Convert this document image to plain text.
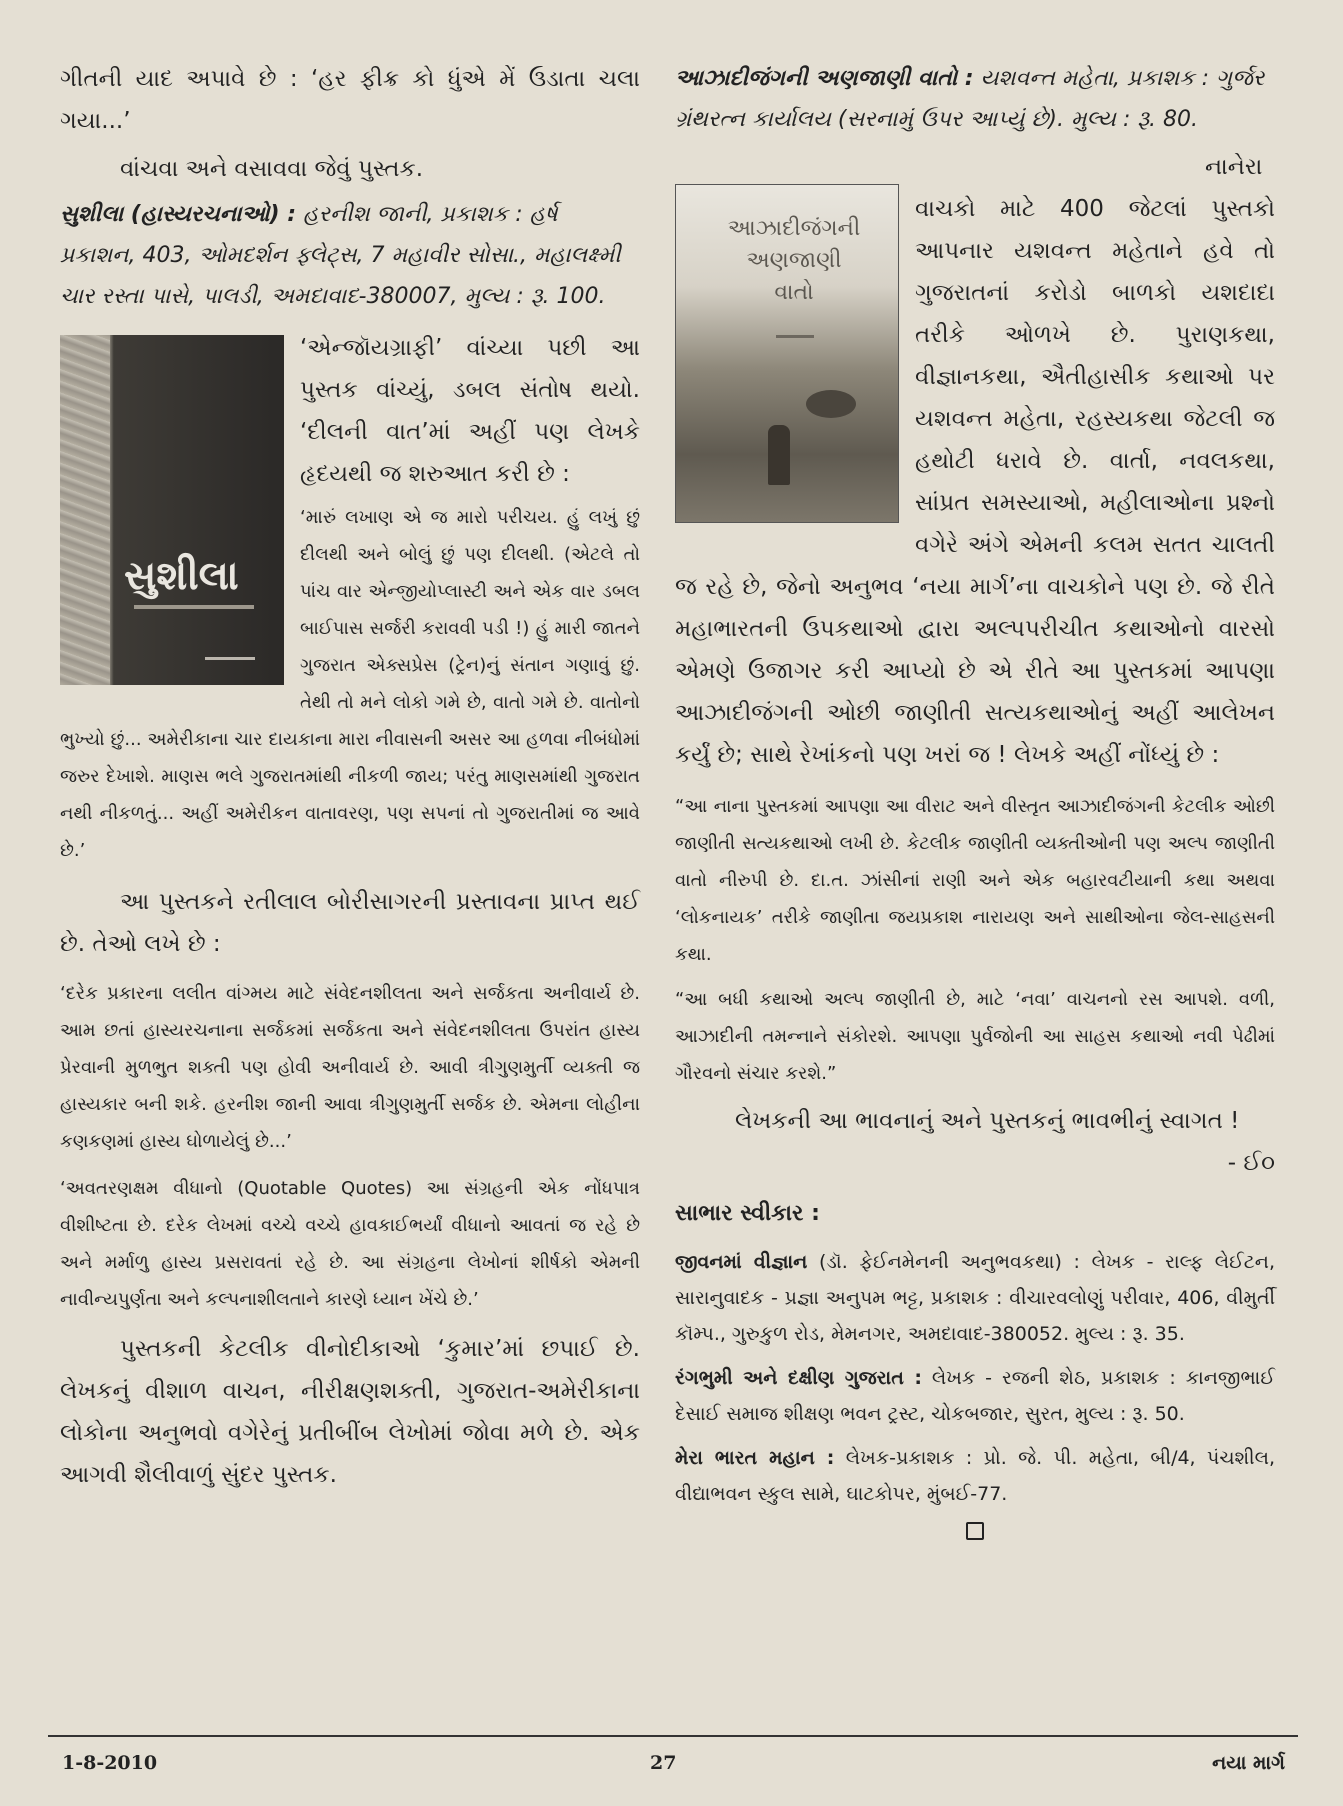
ગીતની યાદ અપાવે છે : ‘હર ફીક્ર કો ધુંએ મેં ઉડાતા ચલા ગયા...’

વાંચવા અને વસાવવા જેવું પુસ્તક.

સુશીલા (હાસ્યરચનાઓ) : હરનીશ જાની, પ્રકાશક : હર્ષ પ્રકાશન, 403, ઓમદર્શન ફ્લેટ્સ, 7 મહાવીર સોસા., મહાલક્ષ્મી ચાર રસ્તા પાસે, પાલડી, અમદાવાદ-380007, મુલ્ય : રૂ. 100.

સુશીલા

‘એન્જૉયગ્રાફી’ વાંચ્યા પછી આ પુસ્તક વાંચ્યું, ડબલ સંતોષ થયો. ‘દીલની વાત’માં અહીં પણ લેખકે હૃદયથી જ શરુઆત કરી છે :

‘મારું લખાણ એ જ મારો પરીચય. હું લખું છું દીલથી અને બોલું છું પણ દીલથી. (એટલે તો પાંચ વાર એન્જીયોપ્લાસ્ટી અને એક વાર ડબલ બાઈપાસ સર્જરી કરાવવી પડી !) હું મારી જાતને ગુજરાત એક્સપ્રેસ (ટ્રેન)નું સંતાન ગણાવું છું. તેથી તો મને લોકો ગમે છે, વાતો ગમે છે. વાતોનો ભુખ્યો છું... અમેરીકાના ચાર દાયકાના મારા નીવાસની અસર આ હળવા નીબંધોમાં જરુર દેખાશે. માણસ ભલે ગુજરાતમાંથી નીકળી જાય; પરંતુ માણસમાંથી ગુજરાત નથી નીકળતું... અહીં અમેરીકન વાતાવરણ, પણ સપનાં તો ગુજરાતીમાં જ આવે છે.’

આ પુસ્તકને રતીલાલ બોરીસાગરની પ્રસ્તાવના પ્રાપ્ત થઈ છે. તેઓ લખે છે :

‘દરેક પ્રકારના લલીત વાંગ્મય માટે સંવેદનશીલતા અને સર્જકતા અનીવાર્ય છે. આમ છતાં હાસ્યરચનાના સર્જકમાં સર્જકતા અને સંવેદનશીલતા ઉપરાંત હાસ્ય પ્રેરવાની મુળભુત શક્તી પણ હોવી અનીવાર્ય છે. આવી ત્રીગુણમુર્તી વ્યક્તી જ હાસ્યકાર બની શકે. હરનીશ જાની આવા ત્રીગુણમુર્તી સર્જક છે. એમના લોહીના કણકણમાં હાસ્ય ઘોળાયેલું છે...’

‘અવતરણક્ષમ વીધાનો (Quotable Quotes) આ સંગ્રહની એક નોંધપાત્ર વીશીષ્ટતા છે. દરેક લેખમાં વચ્ચે વચ્ચે હાવકાઈભર્યાં વીધાનો આવતાં જ રહે છે અને મર્માળુ હાસ્ય પ્રસરાવતાં રહે છે. આ સંગ્રહના લેખોનાં શીર્ષકો એમની નાવીન્યપુર્ણતા અને કલ્પનાશીલતાને કારણે ધ્યાન ખેંચે છે.’

પુસ્તકની કેટલીક વીનોદીકાઓ ‘કુમાર’માં છપાઈ છે. લેખકનું વીશાળ વાચન, નીરીક્ષણશક્તી, ગુજરાત-અમેરીકાના લોકોના અનુભવો વગેરેનું પ્રતીબીંબ લેખોમાં જોવા મળે છે. એક આગવી શૈલીવાળું સુંદર પુસ્તક.

આઝાદીજંગની અણજાણી વાતો : યશવન્ત મહેતા, પ્રકાશક : ગુર્જર ગ્રંથરત્ન કાર્યાલય (સરનામું ઉપર આપ્યું છે). મુલ્ય : રૂ. 80.

આઝાદીજંગની અણજાણી વાતો

નાનેરા વાચકો માટે 400 જેટલાં પુસ્તકો આપનાર યશવન્ત મહેતાને હવે તો ગુજરાતનાં કરોડો બાળકો યશદાદા તરીકે ઓળખે છે. પુરાણકથા, વીજ્ઞાનકથા, ઐતીહાસીક કથાઓ પર યશવન્ત મહેતા, રહસ્યકથા જેટલી જ હથોટી ધરાવે છે. વાર્તા, નવલકથા, સાંપ્રત સમસ્યાઓ, મહીલાઓના પ્રશ્નો વગેરે અંગે એમની કલમ સતત ચાલતી જ રહે છે, જેનો અનુભવ ‘નયા માર્ગ’ના વાચકોને પણ છે. જે રીતે મહાભારતની ઉપકથાઓ દ્વારા અલ્પપરીચીત કથાઓનો વારસો એમણે ઉજાગર કરી આપ્યો છે એ રીતે આ પુસ્તકમાં આપણા આઝાદીજંગની ઓછી જાણીતી સત્યકથાઓનું અહીં આલેખન કર્યું છે; સાથે રેખાંકનો પણ ખરાં જ ! લેખકે અહીં નોંધ્યું છે :

“આ નાના પુસ્તકમાં આપણા આ વીરાટ અને વીસ્તૃત આઝાદીજંગની કેટલીક ઓછી જાણીતી સત્યકથાઓ લખી છે. કેટલીક જાણીતી વ્યક્તીઓની પણ અલ્પ જાણીતી વાતો નીરુપી છે. દા.ત. ઝાંસીનાં રાણી અને એક બહારવટીયાની કથા અથવા ‘લોકનાયક’ તરીકે જાણીતા જયપ્રકાશ નારાયણ અને સાથીઓના જેલ-સાહસની કથા.

“આ બધી કથાઓ અલ્પ જાણીતી છે, માટે ‘નવા’ વાચનનો રસ આપશે. વળી, આઝાદીની તમન્નાને સંકોરશે. આપણા પુર્વજોની આ સાહસ કથાઓ નવી પેઢીમાં ગૌરવનો સંચાર કરશે.”

લેખકની આ ભાવનાનું અને પુસ્તકનું ભાવભીનું સ્વાગત !

- ઈ૦

સાભાર સ્વીકાર :

જીવનમાં વીજ્ઞાન (ડૉ. ફેઈનમેનની અનુભવકથા) : લેખક - રાલ્ફ લેઈટન, સારાનુવાદક - પ્રજ્ઞા અનુપમ ભટ્ટ, પ્રકાશક : વીચારવલોણું પરીવાર, 406, વીમુર્તી કૉમ્પ., ગુરુકુળ રોડ, મેમનગર, અમદાવાદ-380052. મુલ્ય : રૂ. 35.

રંગભુમી અને દક્ષીણ ગુજરાત : લેખક - રજની શેઠ, પ્રકાશક : કાનજીભાઈ દેસાઈ સમાજ શીક્ષણ ભવન ટ્રસ્ટ, ચોકબજાર, સુરત, મુલ્ય : રૂ. 50.

મેરા ભારત મહાન : લેખક-પ્રકાશક : પ્રો. જે. પી. મહેતા, બી/4, પંચશીલ, વીદ્યાભવન સ્કુલ સામે, ઘાટકોપર, મુંબઈ-77.

1-8-2010	27	નયા માર્ગ
